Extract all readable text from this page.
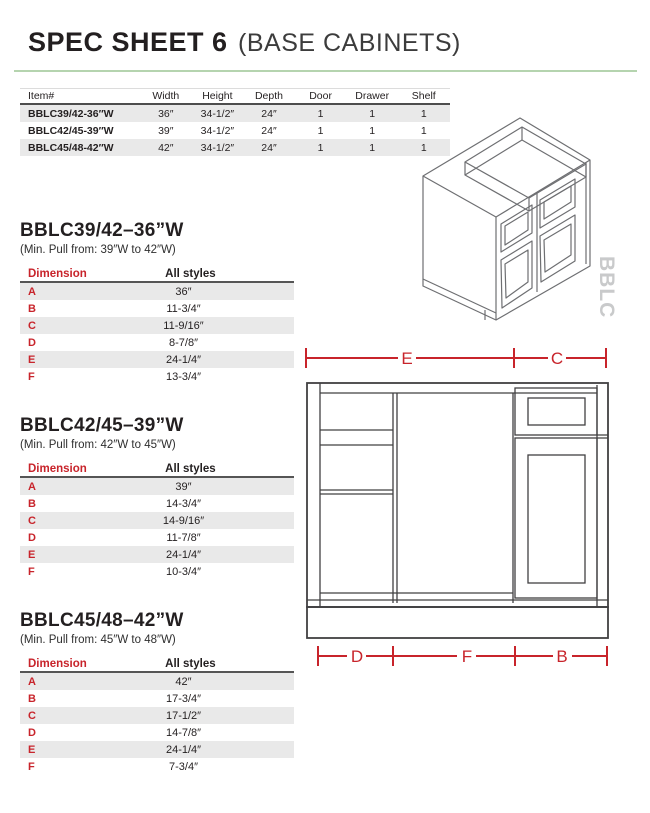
SPEC SHEET 6 (BASE CABINETS)
Item#	Width	Height	Depth	Door	Drawer	Shelf
BBLC39/42-36″W	36″	34-1/2″	24″	1	1	1
BBLC42/45-39″W	39″	34-1/2″	24″	1	1	1
BBLC45/48-42″W	42″	34-1/2″	24″	1	1	1
BBLC
E	C
D	F	B
BBLC39/42–36”W

(Min. Pull from: 39″W to 42″W)

Dimension	All styles
A	36″
B	11-3/4″
C	11-9/16″
D	8-7/8″
E	24-1/4″
F	13-3/4″
BBLC42/45–39”W

(Min. Pull from: 42″W to 45″W)

Dimension	All styles
A	39″
B	14-3/4″
C	14-9/16″
D	11-7/8″
E	24-1/4″
F	10-3/4″
BBLC45/48–42”W

(Min. Pull from: 45″W to 48″W)

Dimension	All styles
A	42″
B	17-3/4″
C	17-1/2″
D	14-7/8″
E	24-1/4″
F	7-3/4″
